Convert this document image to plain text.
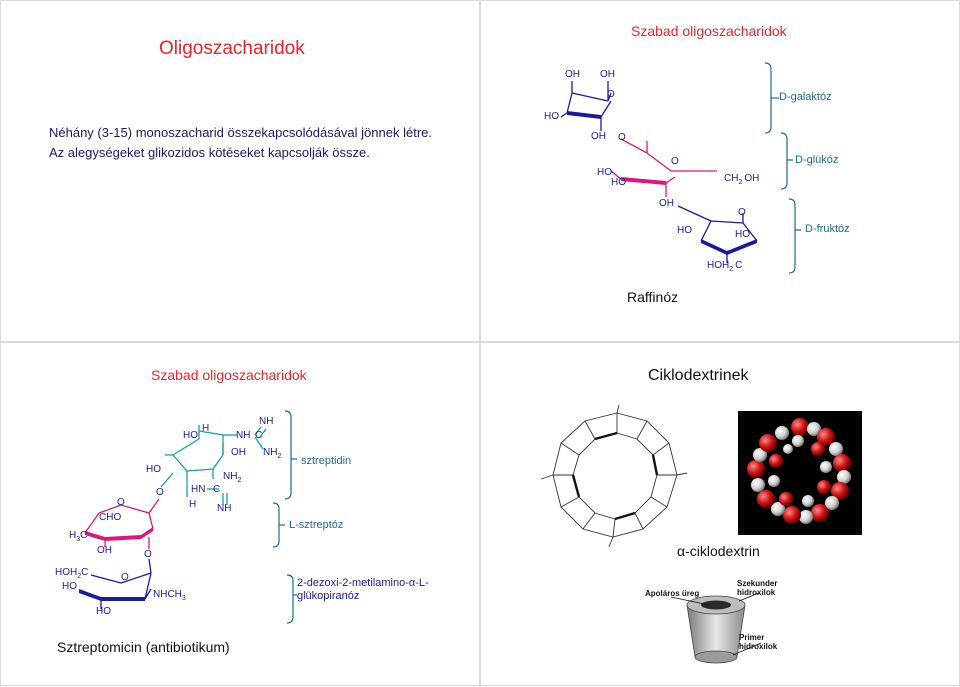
Oligoszacharidok
Néhány (3-15) monoszacharid összekapcsolódásával jönnek létre.
Az alegységeket glikozidos kötéseket kapcsolják össze.
Szabad oligoszacharidok
OH OH
O
HO
OH O
O
HO
HO	$CH_2$ OH
OH
O
HO	HO
$HOH_2$ C
D-galaktóz
D-glükóz
D-fruktóz
Raffinóz
Szabad oligoszacharidok
H
NH
HO	NH C
OH $NH_2$
HO
$NH_2$
O	HN C
O	H NH
CHO
$H_3C$
OH	O
$HOH_2C$	O
HO
$NHCH_3$
HO
sztreptidin
L-sztreptóz
2-dezoxi-2-metilamino-α-L-
glükopiranóz
Sztreptomicin (antibiotikum)
Ciklodextrinek
α-ciklodextrin
Apoláros üreg
Szekunder
hidroxilok
Primer
hidroxilok
